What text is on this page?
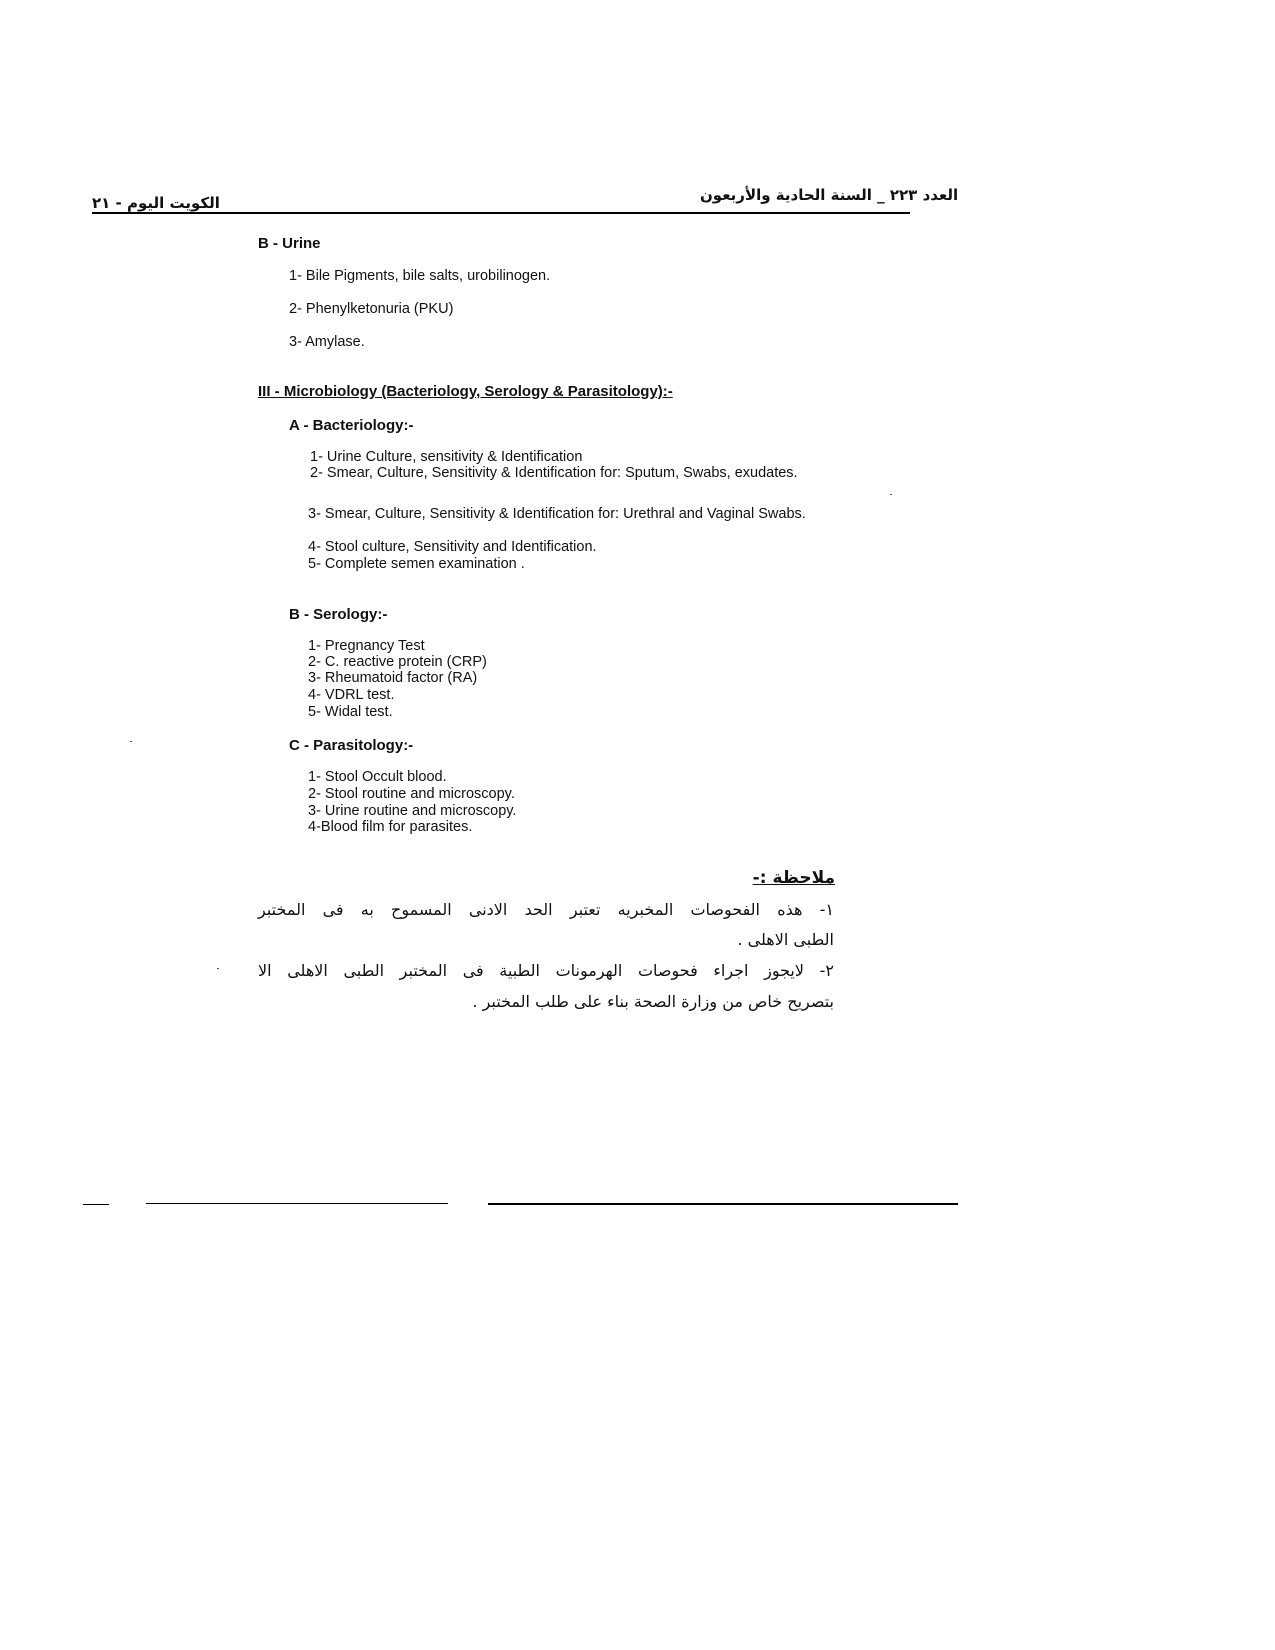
الكويت اليوم - ٢١	العدد ٢٢٣ _ السنة الحادية والأربعون
B - Urine
1- Bile Pigments, bile salts, urobilinogen.
2- Phenylketonuria (PKU)
3- Amylase.
III - Microbiology (Bacteriology, Serology & Parasitology):-
A - Bacteriology:-
1- Urine Culture, sensitivity & Identification
2- Smear, Culture, Sensitivity & Identification for: Sputum, Swabs, exudates.
3- Smear, Culture, Sensitivity & Identification for: Urethral and Vaginal Swabs.
4- Stool culture, Sensitivity and Identification.
5- Complete semen examination .
B - Serology:-
1- Pregnancy Test
2- C. reactive protein (CRP)
3- Rheumatoid factor (RA)
4- VDRL test.
5- Widal test.
C - Parasitology:-
1- Stool Occult blood.
2- Stool routine and microscopy.
3- Urine routine and microscopy.
4-Blood film for parasites.
ملاحظة :-
١- هذه الفحوصات المخبريه تعتبر الحد الادنى المسموح به فى المختبر
الطبى الاهلى .
٢- لايجوز اجراء فحوصات الهرمونات الطبية فى المختبر الطبى الاهلى الا
بتصريح خاص من وزارة الصحة بناء على طلب المختبر .
